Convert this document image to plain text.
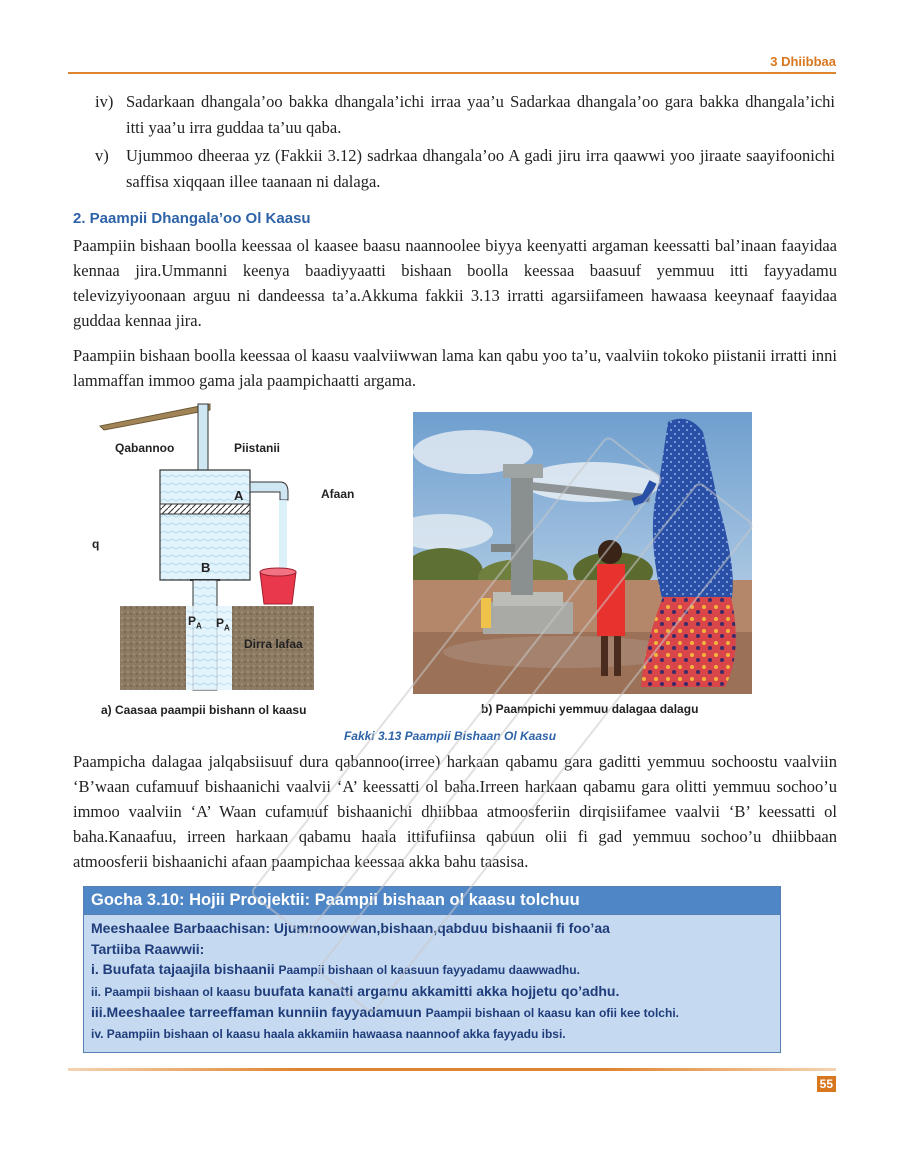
3 Dhiibbaa
iv) Sadarkaan dhangala’oo bakka dhangala’ichi irraa yaa’u Sadarkaa dhangala’oo gara bakka dhangala’ichi itti yaa’u irra guddaa ta’uu qaba.
v)	Ujummoo dheeraa yz (Fakkii 3.12) sadrkaa dhangala’oo A gadi jiru irra qaawwi yoo jiraate saayifoonichi saffisa xiqqaan illee taanaan ni dalaga.
2. Paampii Dhangala’oo Ol Kaasu
Paampiin bishaan boolla keessaa ol kaasee baasu naannoolee biyya keenyatti argaman keessatti bal’inaan faayidaa kennaa jira.Ummanni keenya baadiyyaatti bishaan boolla keessaa baasuuf yemmuu itti fayyadamu televizyiyoonaan arguu ni dandeessa ta’a.Akkuma fakkii 3.13 irratti agarsiifameen hawaasa keeynaaf faayidaa guddaa kennaa jira.
Paampiin bishaan boolla keessaa ol kaasu vaalviiwwan lama kan qabu yoo ta’u, vaalviin tokoko piistanii irratti inni lammaffan immoo gama jala paampichaatti argama.
Qabannoo	Piistanii
Afaan
A
B
q
$P_A$ $P_A$
Dirra lafaa
a) Caasaa paampii bishann ol kaasu	b) Paampichi yemmuu dalagaa dalagu
Fakki 3.13 Paampii Bishaan Ol Kaasu
Paampicha dalagaa jalqabsiisuuf dura qabannoo(irree) harkaan qabamu gara gaditti yemmuu sochoostu vaalviin ‘B’waan cufamuuf bishaanichi vaalvii ‘A’ keessatti ol baha.Irreen harkaan qabamu gara olitti yemmuu sochoo’u immoo vaalviin ‘A’ Waan cufamuuf bishaanichi dhiibbaa atmoosferiin dirqisiifamee vaalvii ‘B’ keessatti ol baha.Kanaafuu, irreen harkaan qabamu haala ittifufiinsa qabuun olii fi gad yemmuu sochoo’u dhiibbaan atmoosferii bishaanichi afaan paampichaa keessaa akka bahu taasisa.
Gocha 3.10: Hojii Proojektii: Paampii bishaan ol kaasu tolchuu
Meeshaalee Barbaachisan: Ujummoowwan,bishaan,qabduu bishaanii fi foo’aa
Tartiiba Raawwii:
i. Buufata tajaajila bishaanii Paampii bishaan ol kaasuun fayyadamu daawwadhu.
ii. Paampii bishaan ol kaasu buufata kanatti argamu akkamitti akka hojjetu qo’adhu.
iii.Meeshaalee tarreeffaman kunniin fayyadamuun Paampii bishaan ol kaasu kan ofii kee tolchi.
iv. Paampiin bishaan ol kaasu haala akkamiin hawaasa naannoof akka fayyadu ibsi.
55
